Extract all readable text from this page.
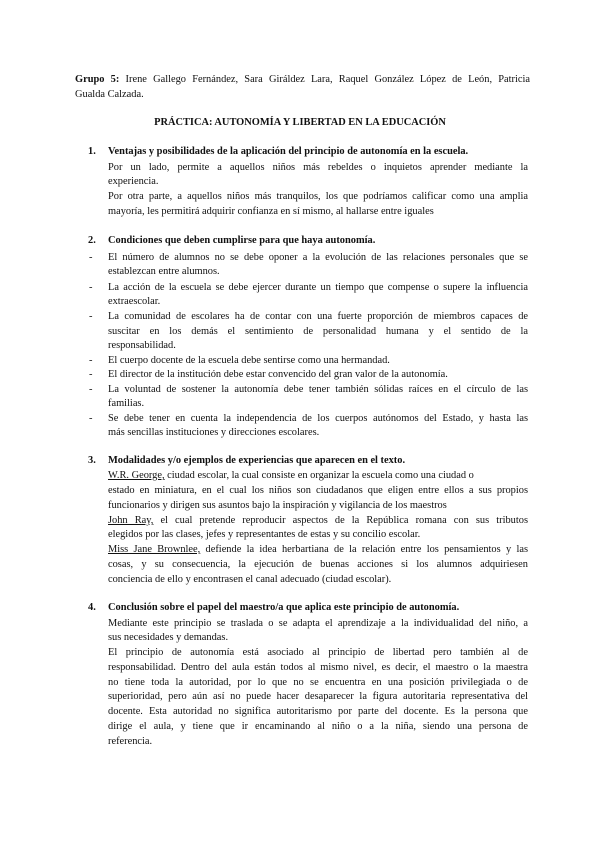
Grupo 5: Irene Gallego Fernández, Sara Giráldez Lara, Raquel González López de León, Patricia
Gualda Calzada.
PRÁCTICA: AUTONOMÍA Y LIBERTAD EN LA EDUCACIÓN
1. Ventajas y posibilidades de la aplicación del principio de autonomía en la escuela.
Por un lado, permite a aquellos niños más rebeldes o inquietos aprender mediante la
experiencia.
Por otra parte, a aquellos niños más tranquilos, los que podríamos calificar como una amplia
mayoría, les permitirá adquirir confianza en sí mismo, al hallarse entre iguales
2. Condiciones que deben cumplirse para que haya autonomía.
- El número de alumnos no se debe oponer a la evolución de las relaciones personales que se
establezcan entre alumnos.
- La acción de la escuela se debe ejercer durante un tiempo que compense o supere la influencia
extraescolar.
- La comunidad de escolares ha de contar con una fuerte proporción de miembros capaces de
suscitar en los demás el sentimiento de personalidad humana y el sentido de la
responsabilidad.
- El cuerpo docente de la escuela debe sentirse como una hermandad.
- El director de la institución debe estar convencido del gran valor de la autonomía.
- La voluntad de sostener la autonomía debe tener también sólidas raíces en el círculo de las
familias.
- Se debe tener en cuenta la independencia de los cuerpos autónomos del Estado, y hasta las
más sencillas instituciones y direcciones escolares.
3. Modalidades y/o ejemplos de experiencias que aparecen en el texto.
W.R. George, ciudad escolar, la cual consiste en organizar la escuela como una ciudad o
estado en miniatura, en el cual los niños son ciudadanos que eligen entre ellos a sus propios
funcionarios y dirigen sus asuntos bajo la inspiración y vigilancia de los maestros
John Ray, el cual pretende reproducir aspectos de la República romana con sus tributos
elegidos por las clases, jefes y representantes de estas y su concilio escolar.
Miss Jane Brownlee, defiende la idea herbartiana de la relación entre los pensamientos y las
cosas, y su consecuencia, la ejecución de buenas acciones si los alumnos adquiriesen
conciencia de ello y encontrasen el canal adecuado (ciudad escolar).
4. Conclusión sobre el papel del maestro/a que aplica este principio de autonomía.
Mediante este principio se traslada o se adapta el aprendizaje a la individualidad del niño, a
sus necesidades y demandas.
El principio de autonomía está asociado al principio de libertad pero también al de
responsabilidad. Dentro del aula están todos al mismo nivel, es decir, el maestro o la maestra
no tiene toda la autoridad, por lo que no se encuentra en una posición privilegiada o de
superioridad, pero aún así no puede hacer desaparecer la figura autoritaria representativa del
docente. Esta autoridad no significa autoritarismo por parte del docente. Es la persona que
dirige el aula, y tiene que ir encaminando al niño o a la niña, siendo una persona de
referencia.
